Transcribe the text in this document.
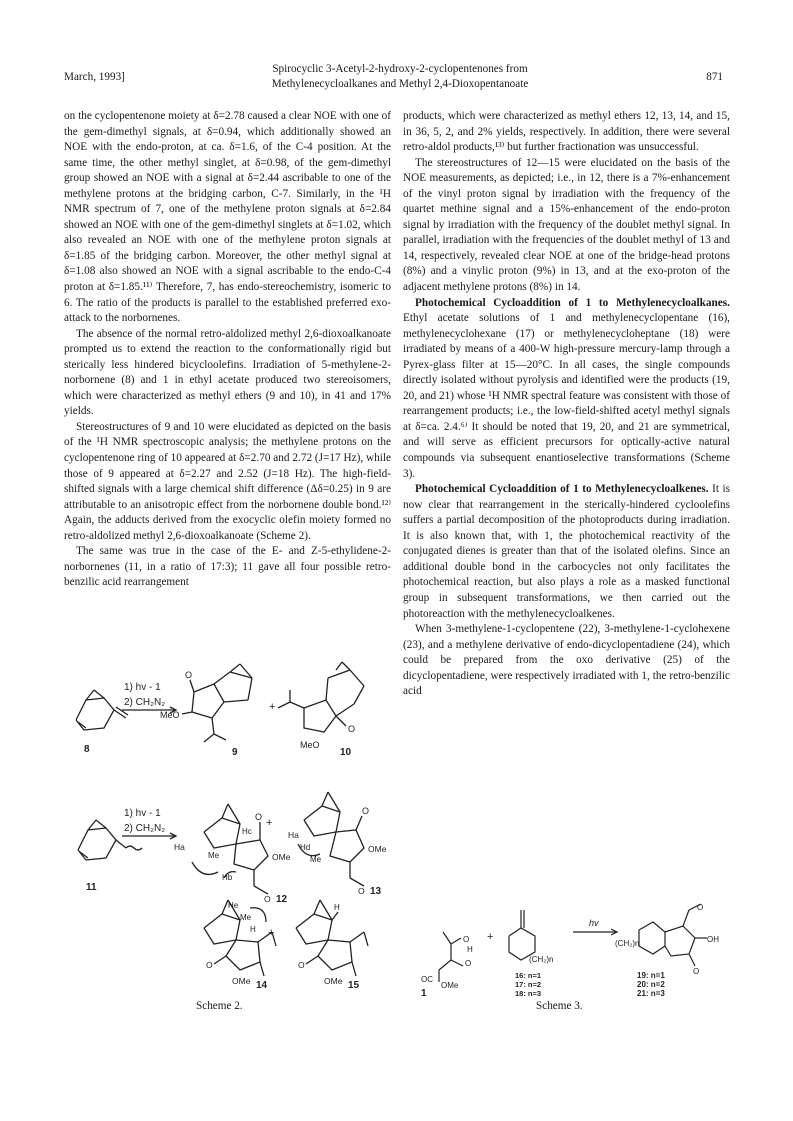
March, 1993]
Spirocyclic 3-Acetyl-2-hydroxy-2-cyclopentenones from
Methylenecycloalkanes and Methyl 2,4-Dioxopentanoate
871

on the cyclopentenone moiety at δ=2.78 caused a clear NOE with one of the gem-dimethyl signals, at δ=0.94, which additionally showed an NOE with the endo-proton, at ca. δ=1.6, of the C-4 position. At the same time, the other methyl singlet, at δ=0.98, of the gem-dimethyl group showed an NOE with a signal at δ=2.44 ascribable to one of the methylene protons at the bridging carbon, C-7. Similarly, in the ¹H NMR spectrum of 7, one of the methylene proton signals at δ=2.84 showed an NOE with one of the gem-dimethyl singlets at δ=1.02, which also revealed an NOE with one of the methylene proton signals at δ=1.85 of the bridging carbon. Moreover, the other methyl signal at δ=1.08 also showed an NOE with a signal ascribable to the endo-C-4 proton at δ=1.85.¹¹⁾ Therefore, 7, has endo-stereochemistry, isomeric to 6. The ratio of the products is parallel to the established preferred exo-attack to the norbornenes.

The absence of the normal retro-aldolized methyl 2,6-dioxoalkanoate prompted us to extend the reaction to the conformationally rigid but sterically less hindered bicycloolefins. Irradiation of 5-methylene-2-norbornene (8) and 1 in ethyl acetate produced two stereoisomers, which were characterized as methyl ethers (9 and 10), in 41 and 17% yields.

Stereostructures of 9 and 10 were elucidated as depicted on the basis of the ¹H NMR spectroscopic analysis; the methylene protons on the cyclopentenone ring of 10 appeared at δ=2.70 and 2.72 (J=17 Hz), while those of 9 appeared at δ=2.27 and 2.52 (J=18 Hz). The high-field-shifted signals with a large chemical shift difference (Δδ=0.25) in 9 are attributable to an anisotropic effect from the norbornene double bond.¹²⁾ Again, the adducts derived from the exocyclic olefin moiety formed no retro-aldolized methyl 2,6-dioxoalkanoate (Scheme 2).

The same was true in the case of the E- and Z-5-ethylidene-2-norbornenes (11, in a ratio of 17:3); 11 gave all four possible retro-benzilic acid rearrangement

products, which were characterized as methyl ethers 12, 13, 14, and 15, in 36, 5, 2, and 2% yields, respectively. In addition, there were several retro-aldol products,¹³⁾ but further fractionation was unsuccessful.

The stereostructures of 12—15 were elucidated on the basis of the NOE measurements, as depicted; i.e., in 12, there is a 7%-enhancement of the vinyl proton signal by irradiation with the frequency of the quartet methine signal and a 15%-enhancement of the endo-proton signal by irradiation with the frequency of the doublet methyl signal. In parallel, irradiation with the frequencies of the doublet methyl of 13 and 14, respectively, revealed clear NOE at one of the bridge-head protons (8%) and a vinylic proton (9%) in 13, and at the exo-proton of the adjacent methylene protons (8%) in 14.

Photochemical Cycloaddition of 1 to Methylenecycloalkanes. Ethyl acetate solutions of 1 and methylenecyclopentane (16), methylenecyclohexane (17) or methylenecycloheptane (18) were irradiated by means of a 400-W high-pressure mercury-lamp through a Pyrex-glass filter at 15—20°C. In all cases, the single compounds directly isolated without pyrolysis and identified were the products (19, 20, and 21) whose ¹H NMR spectral feature was consistent with those of rearrangement products; i.e., the low-field-shifted acetyl methyl signals at δ=ca. 2.4.⁶⁾ It should be noted that 19, 20, and 21 are symmetrical, and will serve as efficient precursors for optically-active natural compounds via subsequent enantioselective transformations (Scheme 3).

Photochemical Cycloaddition of 1 to Methylenecycloalkenes. It is now clear that rearrangement in the sterically-hindered cycloolefins suffers a partial decomposition of the photoproducts during irradiation. It is also known that, with 1, the photochemical reactivity of the conjugated dienes is greater than that of the isolated olefins. Since an additional double bond in the carbocycles not only facilitates the photochemical reaction, but also plays a role as a masked functional group in subsequent transformations, we then carried out the photoreaction with the methylenecycloalkenes.

When 3-methylene-1-cyclopentene (22), 3-methylene-1-cyclohexene (23), and a methylene derivative of endo-dicyclopentadiene (24), which could be prepared from the oxo derivative (25) of the dicyclopentadiene, were respectively irradiated with 1, the retro-benzilic acid

8
1) hv - 1
2) CH₂N₂
O
MeO
9
+
O
MeO
10
11
1) hv - 1
2) CH₂N₂
O
Ha
Me
Hc
Hb
OMe
O 12
+
O
Ha
Hd
Me
OMe
O 13
He
Me
H
O
OMe 14
+
H
O
OMe 15
Scheme 2.
O
H
O
OC
OMe
1
+
(CH₂)n
16: n=1
17: n=2
18: n=3
hv
O
OH
O
(CH₂)n
19: n=1
20: n=2
21: n=3
Scheme 3.
